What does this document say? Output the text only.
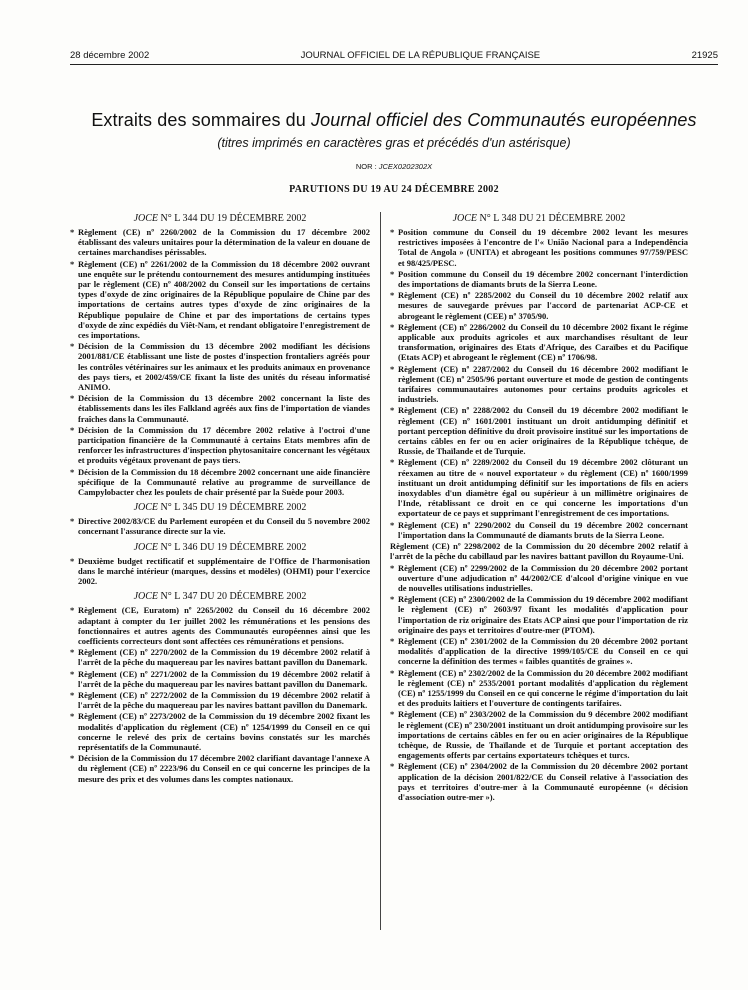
28 décembre 2002	JOURNAL OFFICIEL DE LA RÉPUBLIQUE FRANÇAISE	21925
Extraits des sommaires du Journal officiel des Communautés européennes
(titres imprimés en caractères gras et précédés d'un astérisque)
NOR : JCEX0202302X
PARUTIONS DU 19 AU 24 DÉCEMBRE 2002
JOCE N° L 344 DU 19 DÉCEMBRE 2002
* Règlement (CE) nº 2260/2002 de la Commission du 17 décembre 2002 établissant des valeurs unitaires pour la détermination de la valeur en douane de certaines marchandises périssables.
* Règlement (CE) nº 2261/2002 de la Commission du 18 décembre 2002 ouvrant une enquête sur le prétendu contournement des mesures antidumping instituées par le règlement (CE) nº 408/2002 du Conseil sur les importations de certains types d'oxyde de zinc originaires de la République populaire de Chine par des importations de certains autres types d'oxyde de zinc originaires de la République populaire de Chine et par des importations de certains types d'oxyde de zinc expédiés du Viêt-Nam, et rendant obligatoire l'enregistrement de ces importations.
* Décision de la Commission du 13 décembre 2002 modifiant les décisions 2001/881/CE établissant une liste de postes d'inspection frontaliers agréés pour les contrôles vétérinaires sur les animaux et les produits animaux en provenance des pays tiers, et 2002/459/CE fixant la liste des unités du réseau informatisé ANIMO.
* Décision de la Commission du 13 décembre 2002 concernant la liste des établissements dans les îles Falkland agréés aux fins de l'importation de viandes fraîches dans la Communauté.
* Décision de la Commission du 17 décembre 2002 relative à l'octroi d'une participation financière de la Communauté à certains Etats membres afin de renforcer les infrastructures d'inspection phytosanitaire concernant les végétaux et produits végétaux provenant de pays tiers.
* Décision de la Commission du 18 décembre 2002 concernant une aide financière spécifique de la Communauté relative au programme de surveillance de Campylobacter chez les poulets de chair présenté par la Suède pour 2003.
JOCE N° L 345 DU 19 DÉCEMBRE 2002
* Directive 2002/83/CE du Parlement européen et du Conseil du 5 novembre 2002 concernant l'assurance directe sur la vie.
JOCE N° L 346 DU 19 DÉCEMBRE 2002
* Deuxième budget rectificatif et supplémentaire de l'Office de l'harmonisation dans le marché intérieur (marques, dessins et modèles) (OHMI) pour l'exercice 2002.
JOCE N° L 347 DU 20 DÉCEMBRE 2002
* Règlement (CE, Euratom) nº 2265/2002 du Conseil du 16 décembre 2002 adaptant à compter du 1er juillet 2002 les rémunérations et les pensions des fonctionnaires et autres agents des Communautés européennes ainsi que les coefficients correcteurs dont sont affectées ces rémunérations et pensions.
* Règlement (CE) nº 2270/2002 de la Commission du 19 décembre 2002 relatif à l'arrêt de la pêche du maquereau par les navires battant pavillon du Danemark.
* Règlement (CE) nº 2271/2002 de la Commission du 19 décembre 2002 relatif à l'arrêt de la pêche du maquereau par les navires battant pavillon du Danemark.
* Règlement (CE) nº 2272/2002 de la Commission du 19 décembre 2002 relatif à l'arrêt de la pêche du maquereau par les navires battant pavillon du Danemark.
* Règlement (CE) nº 2273/2002 de la Commission du 19 décembre 2002 fixant les modalités d'application du règlement (CE) nº 1254/1999 du Conseil en ce qui concerne le relevé des prix de certains bovins constatés sur les marchés représentatifs de la Communauté.
* Décision de la Commission du 17 décembre 2002 clarifiant davantage l'annexe A du règlement (CE) nº 2223/96 du Conseil en ce qui concerne les principes de la mesure des prix et des volumes dans les comptes nationaux.
JOCE N° L 348 DU 21 DÉCEMBRE 2002
* Position commune du Conseil du 19 décembre 2002 levant les mesures restrictives imposées à l'encontre de l'« União Nacional para a Independência Total de Angola » (UNITA) et abrogeant les positions communes 97/759/PESC et 98/425/PESC.
* Position commune du Conseil du 19 décembre 2002 concernant l'interdiction des importations de diamants bruts de la Sierra Leone.
* Règlement (CE) nº 2285/2002 du Conseil du 10 décembre 2002 relatif aux mesures de sauvegarde prévues par l'accord de partenariat ACP-CE et abrogeant le règlement (CEE) nº 3705/90.
* Règlement (CE) nº 2286/2002 du Conseil du 10 décembre 2002 fixant le régime applicable aux produits agricoles et aux marchandises résultant de leur transformation, originaires des Etats d'Afrique, des Caraïbes et du Pacifique (Etats ACP) et abrogeant le règlement (CE) nº 1706/98.
* Règlement (CE) nº 2287/2002 du Conseil du 16 décembre 2002 modifiant le règlement (CE) nº 2505/96 portant ouverture et mode de gestion de contingents tarifaires communautaires autonomes pour certains produits agricoles et industriels.
* Règlement (CE) nº 2288/2002 du Conseil du 19 décembre 2002 modifiant le règlement (CE) nº 1601/2001 instituant un droit antidumping définitif et portant perception définitive du droit provisoire institué sur les importations de certains câbles en fer ou en acier originaires de la République tchèque, de Russie, de Thaïlande et de Turquie.
* Règlement (CE) nº 2289/2002 du Conseil du 19 décembre 2002 clôturant un réexamen au titre de « nouvel exportateur » du règlement (CE) nº 1600/1999 instituant un droit antidumping définitif sur les importations de fils en aciers inoxydables d'un diamètre égal ou supérieur à un millimètre originaires de l'Inde, rétablissant ce droit en ce qui concerne les importations d'un exportateur de ce pays et supprimant l'enregistrement de ces importations.
* Règlement (CE) nº 2290/2002 du Conseil du 19 décembre 2002 concernant l'importation dans la Communauté de diamants bruts de la Sierra Leone.
Règlement (CE) nº 2298/2002 de la Commission du 20 décembre 2002 relatif à l'arrêt de la pêche du cabillaud par les navires battant pavillon du Royaume-Uni.
* Règlement (CE) nº 2299/2002 de la Commission du 20 décembre 2002 portant ouverture d'une adjudication nº 44/2002/CE d'alcool d'origine vinique en vue de nouvelles utilisations industrielles.
* Règlement (CE) nº 2300/2002 de la Commission du 19 décembre 2002 modifiant le règlement (CE) nº 2603/97 fixant les modalités d'application pour l'importation de riz originaire des Etats ACP ainsi que pour l'importation de riz originaire des pays et territoires d'outre-mer (PTOM).
* Règlement (CE) nº 2301/2002 de la Commission du 20 décembre 2002 portant modalités d'application de la directive 1999/105/CE du Conseil en ce qui concerne la définition des termes « faibles quantités de graines ».
* Règlement (CE) nº 2302/2002 de la Commission du 20 décembre 2002 modifiant le règlement (CE) nº 2535/2001 portant modalités d'application du règlement (CE) nº 1255/1999 du Conseil en ce qui concerne le régime d'importation du lait et des produits laitiers et l'ouverture de contingents tarifaires.
* Règlement (CE) nº 2303/2002 de la Commission du 9 décembre 2002 modifiant le règlement (CE) nº 230/2001 instituant un droit antidumping provisoire sur les importations de certains câbles en fer ou en acier originaires de la République tchèque, de Russie, de Thaïlande et de Turquie et portant acceptation des engagements offerts par certains exportateurs tchèques et turcs.
* Règlement (CE) nº 2304/2002 de la Commission du 20 décembre 2002 portant application de la décision 2001/822/CE du Conseil relative à l'association des pays et territoires d'outre-mer à la Communauté européenne (« décision d'association outre-mer »).
